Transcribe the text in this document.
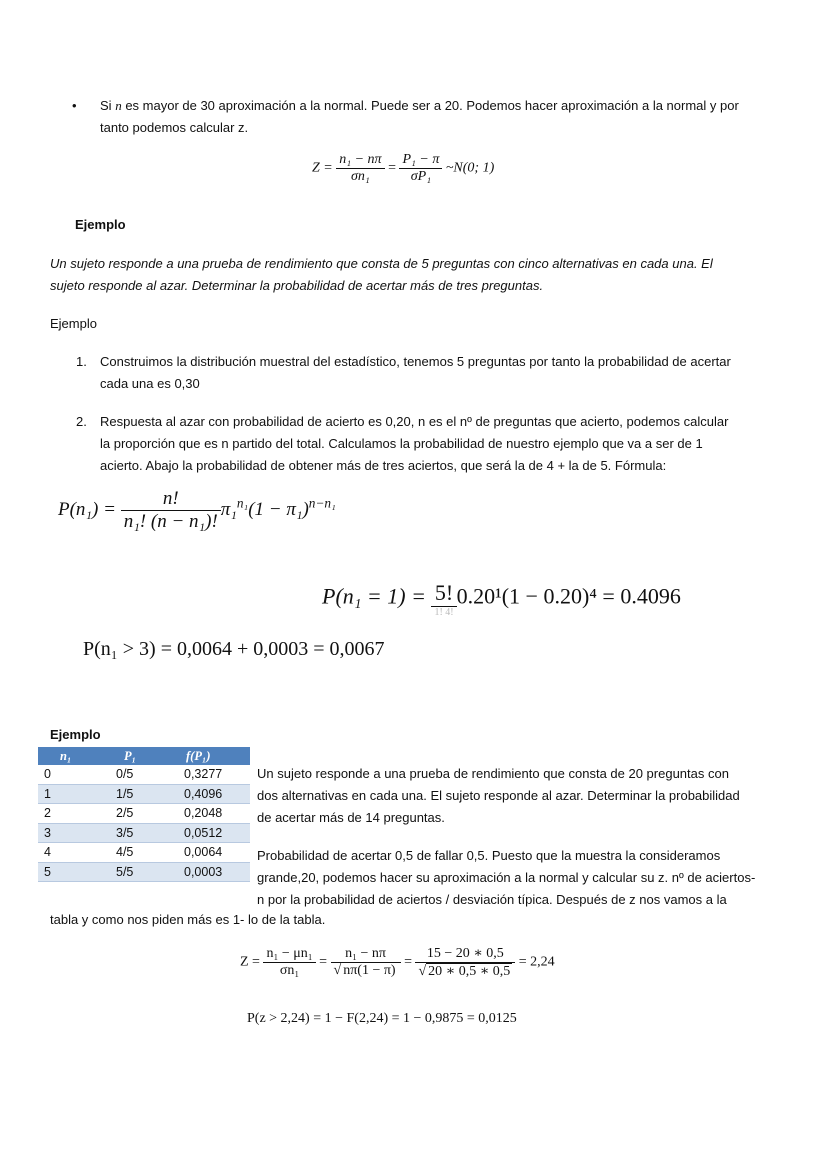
• Si n es mayor de 30 aproximación a la normal. Puede ser a 20. Podemos hacer aproximación a la normal y por
tanto podemos calcular z.
$Z = \frac{\text{n₁ − nπ}}{\text{σn₁}} = \frac{\text{P₁ − π}}{\text{σP₁}}$ ~N(0; 1)
Ejemplo
Un sujeto responde a una prueba de rendimiento que consta de 5 preguntas con cinco alternativas en cada una. El
sujeto responde al azar. Determinar la probabilidad de acertar más de tres preguntas.
Ejemplo
1. Construimos la distribución muestral del estadístico, tenemos 5 preguntas por tanto la probabilidad de acertar
cada una es 0,30
2. Respuesta al azar con probabilidad de acierto es 0,20, n es el nº de preguntas que acierto, podemos calcular
la proporción que es n partido del total. Calculamos la probabilidad de nuestro ejemplo que va a ser de 1
acierto. Abajo la probabilidad de obtener más de tres aciertos, que será la de 4 + la de 5. Fórmula:
$P(n_1) = \frac{n!}{\text{n₁! (n − n₁)!}} \pi_1^{n_1}(1 - \pi_1)^{n-n_1}$
$P(n_1 = 1) = \frac{5!}{1! 4!} 0.20^1(1 - 0.20)^4 = 0.4096$
P(n₁ > 3) = 0,0064 + 0,0003 = 0,0067
Ejemplo
n₁	P₁	f(P₁)
0	0/5	0,3277
1	1/5	0,4096
2	2/5	0,2048
3	3/5	0,0512
4	4/5	0,0064
5	5/5	0,0003
Un sujeto responde a una prueba de rendimiento que consta de 20 preguntas con
dos alternativas en cada una. El sujeto responde al azar. Determinar la probabilidad
de acertar más de 14 preguntas.
Probabilidad de acertar 0,5 de fallar 0,5. Puesto que la muestra la consideramos
grande,20, podemos hacer su aproximación a la normal y calcular su z. nº de aciertos-
n por la probabilidad de aciertos / desviación típica. Después de z nos vamos a la
tabla y como nos piden más es 1- lo de la tabla.
$Z = \frac{\text{n₁ − μn₁}}{\text{σn₁}} = \frac{\text{n₁ − nπ}}{√ n\pi(1 - \pi)} = \frac{15 - 20 ∗ 0,5}{√ 20 ∗ 0,5 ∗ 0,5} = 2,24$
P(z > 2,24) = 1 − F(2,24) = 1 − 0,9875 = 0,0125
